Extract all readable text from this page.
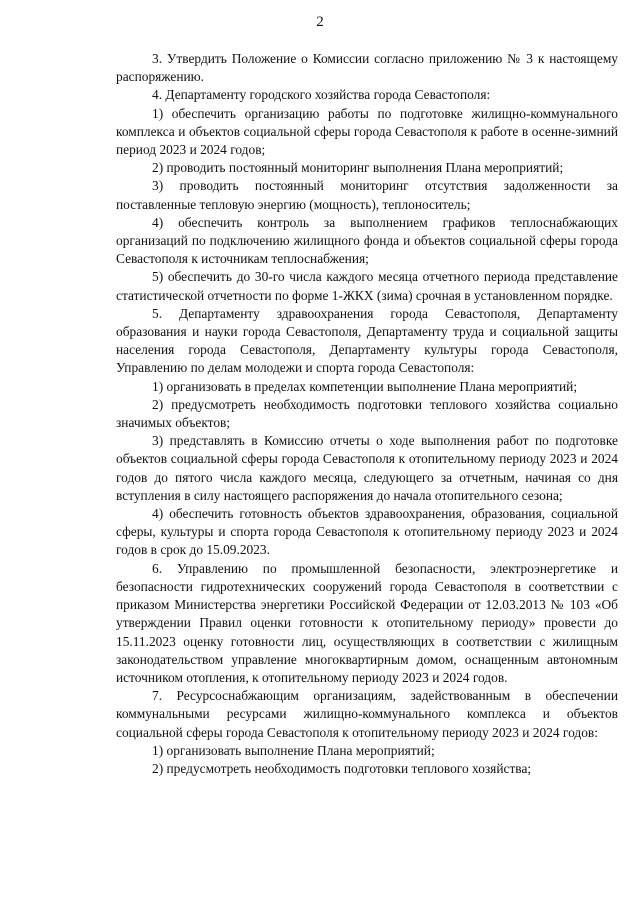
2

3. Утвердить Положение о Комиссии согласно приложению № 3 к настоящему распоряжению.

4. Департаменту городского хозяйства города Севастополя:

1) обеспечить организацию работы по подготовке жилищно-коммунального комплекса и объектов социальной сферы города Севастополя к работе в осенне-зимний период 2023 и 2024 годов;

2) проводить постоянный мониторинг выполнения Плана мероприятий;

3) проводить постоянный мониторинг отсутствия задолженности за поставленные тепловую энергию (мощность), теплоноситель;

4) обеспечить контроль за выполнением графиков теплоснабжающих организаций по подключению жилищного фонда и объектов социальной сферы города Севастополя к источникам теплоснабжения;

5) обеспечить до 30-го числа каждого месяца отчетного периода представление статистической отчетности по форме 1-ЖКХ (зима) срочная в установленном порядке.

5. Департаменту здравоохранения города Севастополя, Департаменту образования и науки города Севастополя, Департаменту труда и социальной защиты населения города Севастополя, Департаменту культуры города Севастополя, Управлению по делам молодежи и спорта города Севастополя:

1) организовать в пределах компетенции выполнение Плана мероприятий;

2) предусмотреть необходимость подготовки теплового хозяйства социально значимых объектов;

3) представлять в Комиссию отчеты о ходе выполнения работ по подготовке объектов социальной сферы города Севастополя к отопительному периоду 2023 и 2024 годов до пятого числа каждого месяца, следующего за отчетным, начиная со дня вступления в силу настоящего распоряжения до начала отопительного сезона;

4) обеспечить готовность объектов здравоохранения, образования, социальной сферы, культуры и спорта города Севастополя к отопительному периоду 2023 и 2024 годов в срок до 15.09.2023.

6. Управлению по промышленной безопасности, электроэнергетике и безопасности гидротехнических сооружений города Севастополя в соответствии с приказом Министерства энергетики Российской Федерации от 12.03.2013 № 103 «Об утверждении Правил оценки готовности к отопительному периоду» провести до 15.11.2023 оценку готовности лиц, осуществляющих в соответствии с жилищным законодательством управление многоквартирным домом, оснащенным автономным источником отопления, к отопительному периоду 2023 и 2024 годов.

7. Ресурсоснабжающим организациям, задействованным в обеспечении коммунальными ресурсами жилищно-коммунального комплекса и объектов социальной сферы города Севастополя к отопительному периоду 2023 и 2024 годов:

1) организовать выполнение Плана мероприятий;

2) предусмотреть необходимость подготовки теплового хозяйства;
